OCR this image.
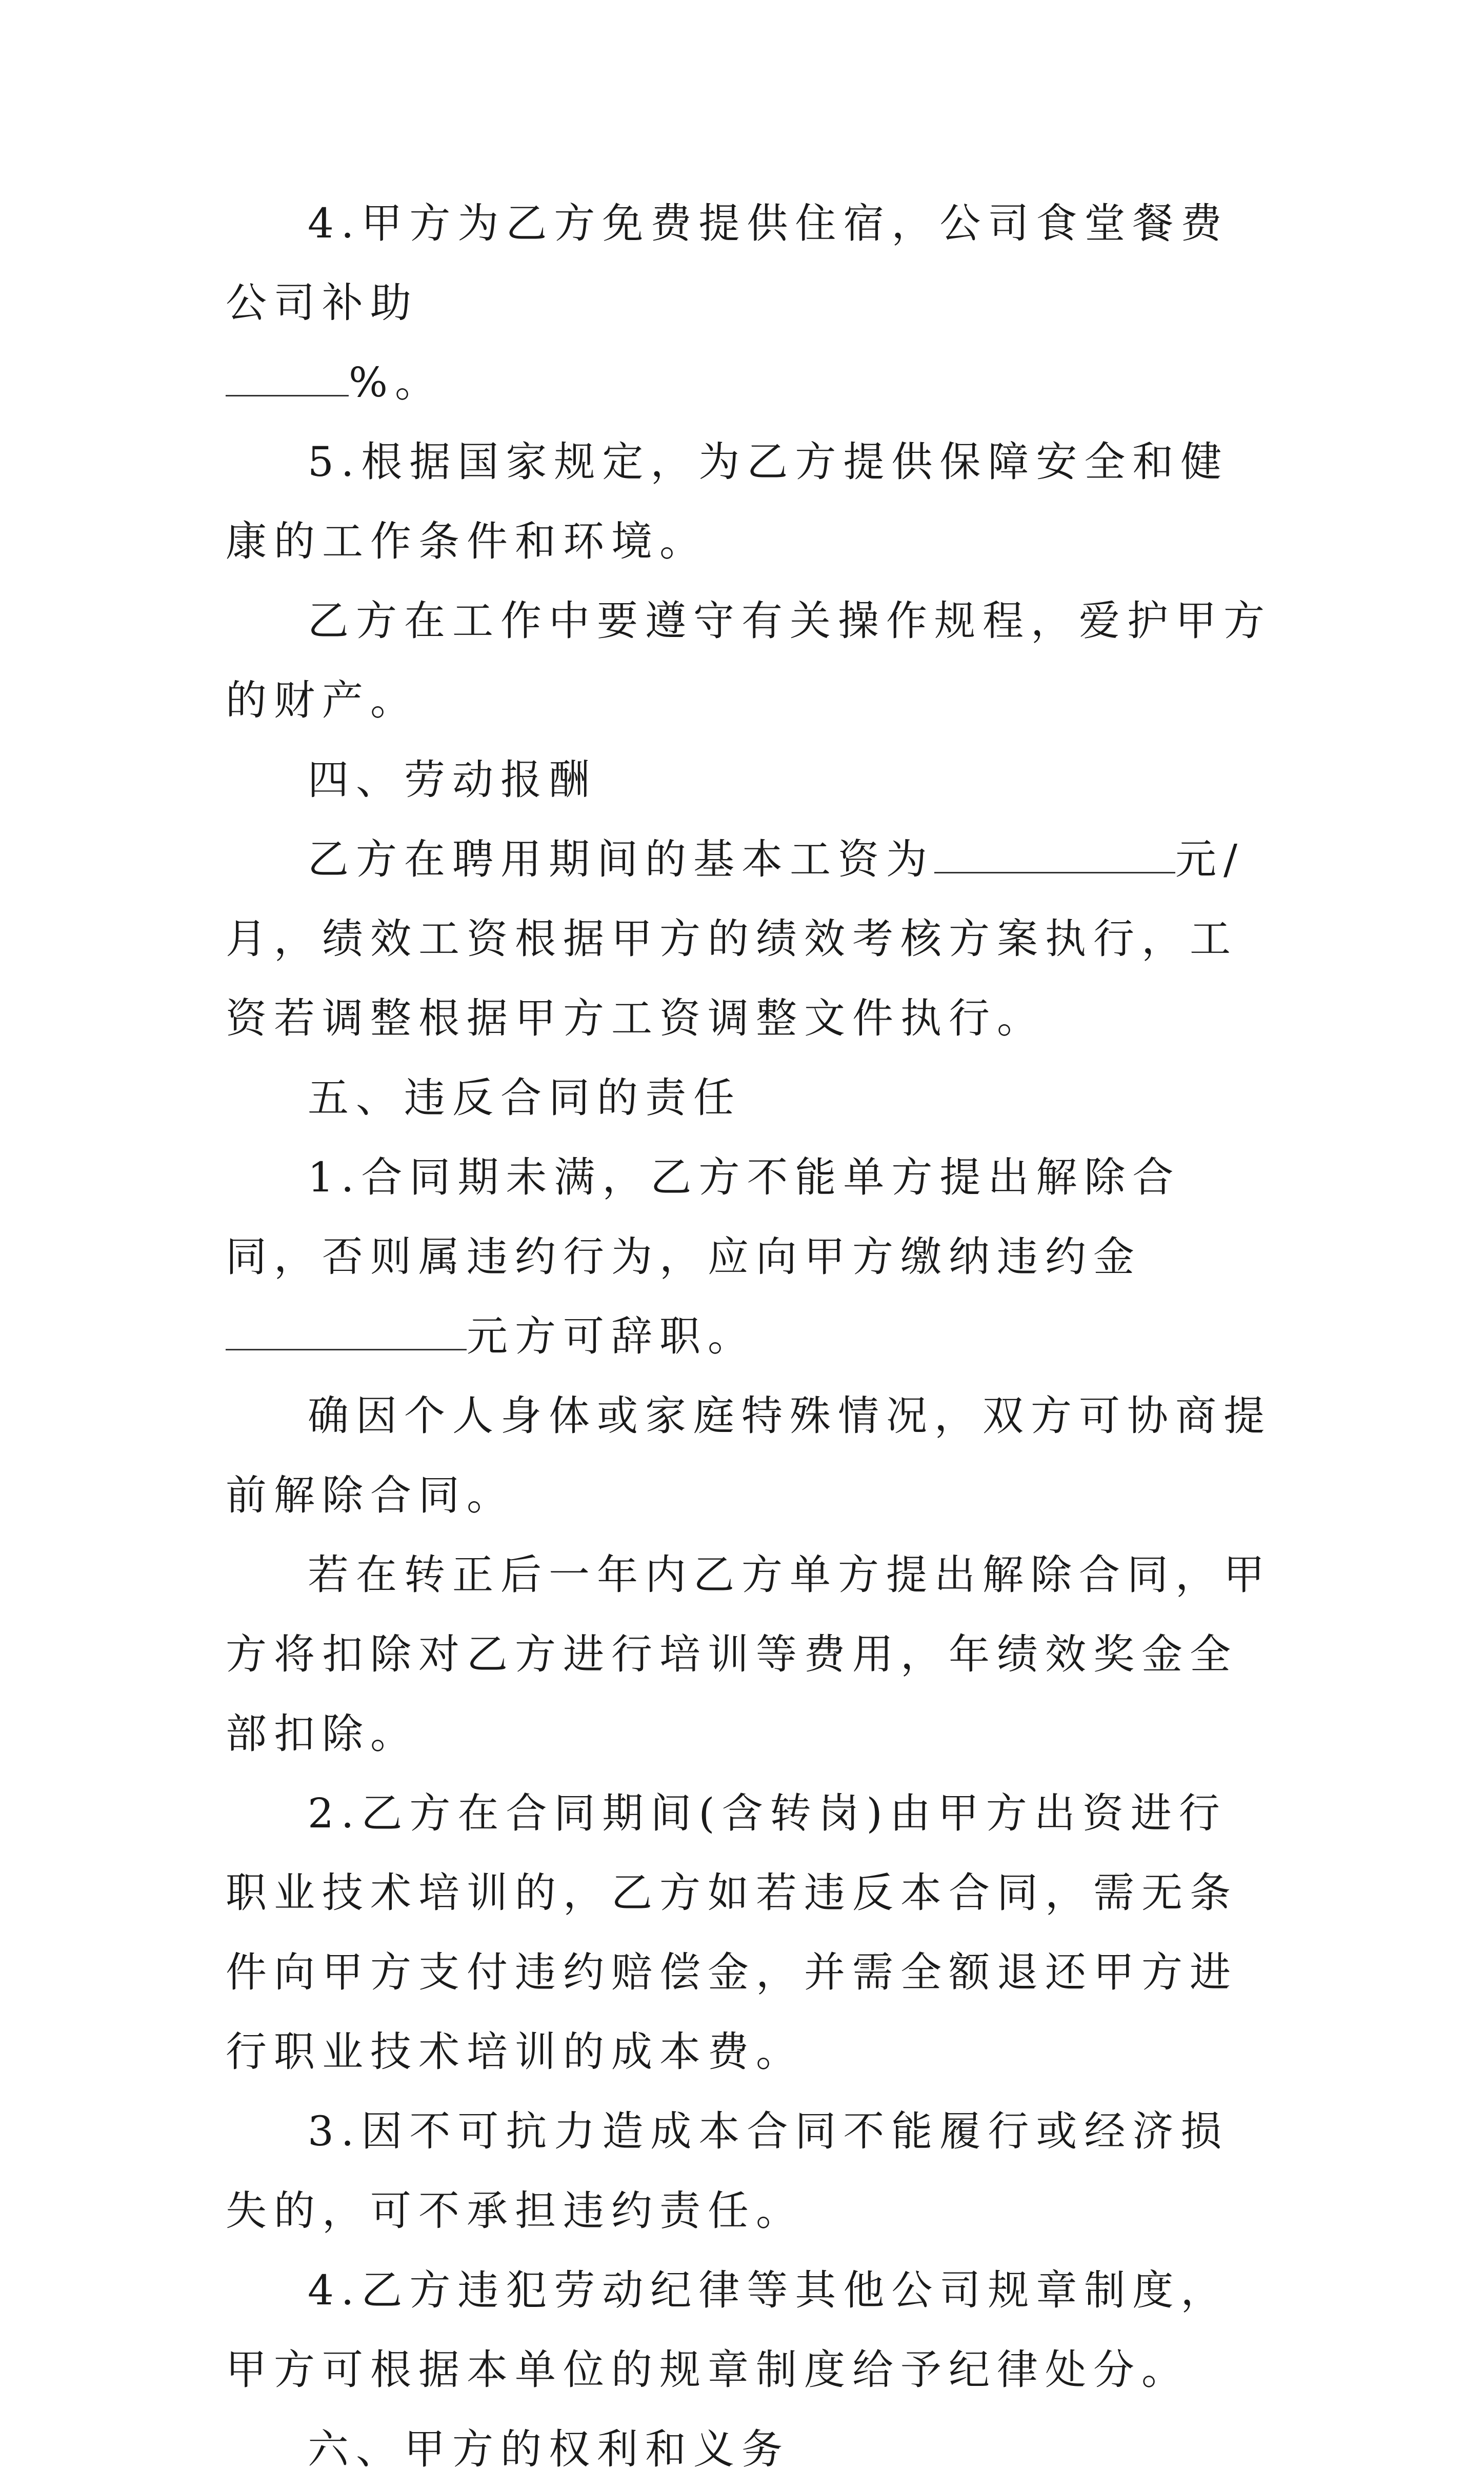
4.甲方为乙方免费提供住宿，公司食堂餐费公司补助
%。

5.根据国家规定，为乙方提供保障安全和健康的工作条件和环境。

乙方在工作中要遵守有关操作规程，爱护甲方的财产。

四、劳动报酬

乙方在聘用期间的基本工资为	元/月，绩效工资根据甲方的绩效考核方案执行，工资若调整根据甲方工资调整文件执行。

五、违反合同的责任

1.合同期未满，乙方不能单方提出解除合同，否则属违约行为，应向甲方缴纳违约金元方可辞职。

确因个人身体或家庭特殊情况，双方可协商提前解除合同。

若在转正后一年内乙方单方提出解除合同，甲方将扣除对乙方进行培训等费用，年绩效奖金全部扣除。

2.乙方在合同期间(含转岗)由甲方出资进行职业技术培训的，乙方如若违反本合同，需无条件向甲方支付违约赔偿金，并需全额退还甲方进行职业技术培训的成本费。

3.因不可抗力造成本合同不能履行或经济损失的，可不承担违约责任。

4.乙方违犯劳动纪律等其他公司规章制度，甲方可根据本单位的规章制度给予纪律处分。

六、甲方的权利和义务
